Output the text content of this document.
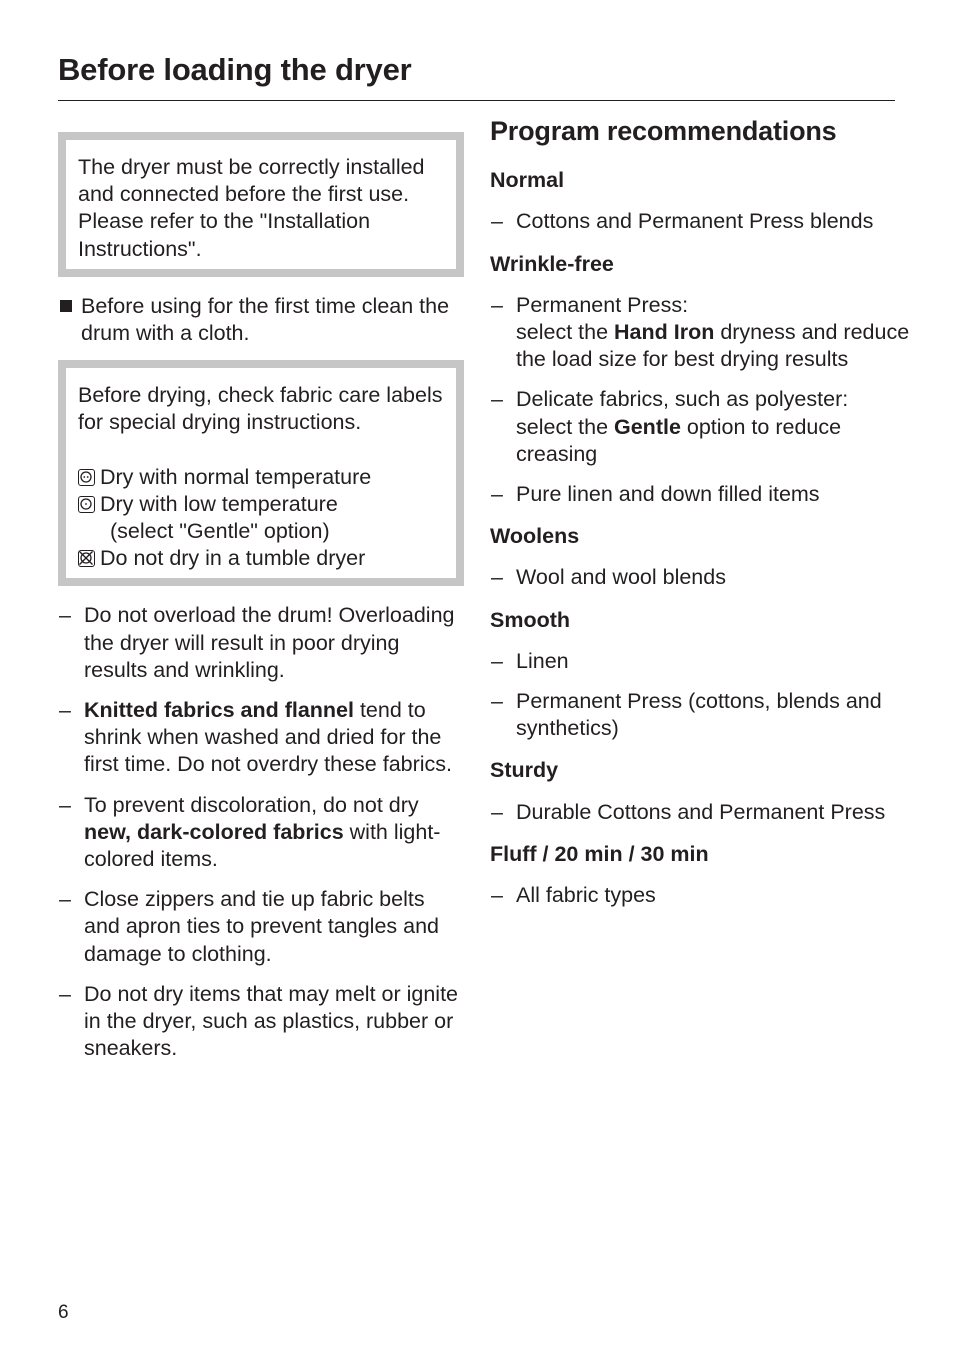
Before loading the dryer

The dryer must be correctly installed and connected before the first use. Please refer to the "Installation Instructions".

Before using for the first time clean the drum with a cloth.

Before drying, check fabric care labels for special drying instructions.

Dry with normal temperature

Dry with low temperature

(select "Gentle" option)

Do not dry in a tumble dryer

– Do not overload the drum! Overloading the dryer will result in poor drying results and wrinkling.
– Knitted fabrics and flannel tend to shrink when washed and dried for the first time. Do not overdry these fabrics.
– To prevent discoloration, do not dry new, dark-colored fabrics with light-colored items.
– Close zippers and tie up fabric belts and apron ties to prevent tangles and damage to clothing.
– Do not dry items that may melt or ignite in the dryer, such as plastics, rubber or sneakers.
Program recommendations
Normal
– Cottons and Permanent Press blends
Wrinkle-free
– Permanent Press:
select the Hand Iron dryness and reduce the load size for best drying results
– Delicate fabrics, such as polyester:
select the Gentle option to reduce creasing
– Pure linen and down filled items
Woolens
– Wool and wool blends
Smooth
– Linen
– Permanent Press (cottons, blends and synthetics)
Sturdy
– Durable Cottons and Permanent Press
Fluff / 20 min / 30 min
– All fabric types
6
